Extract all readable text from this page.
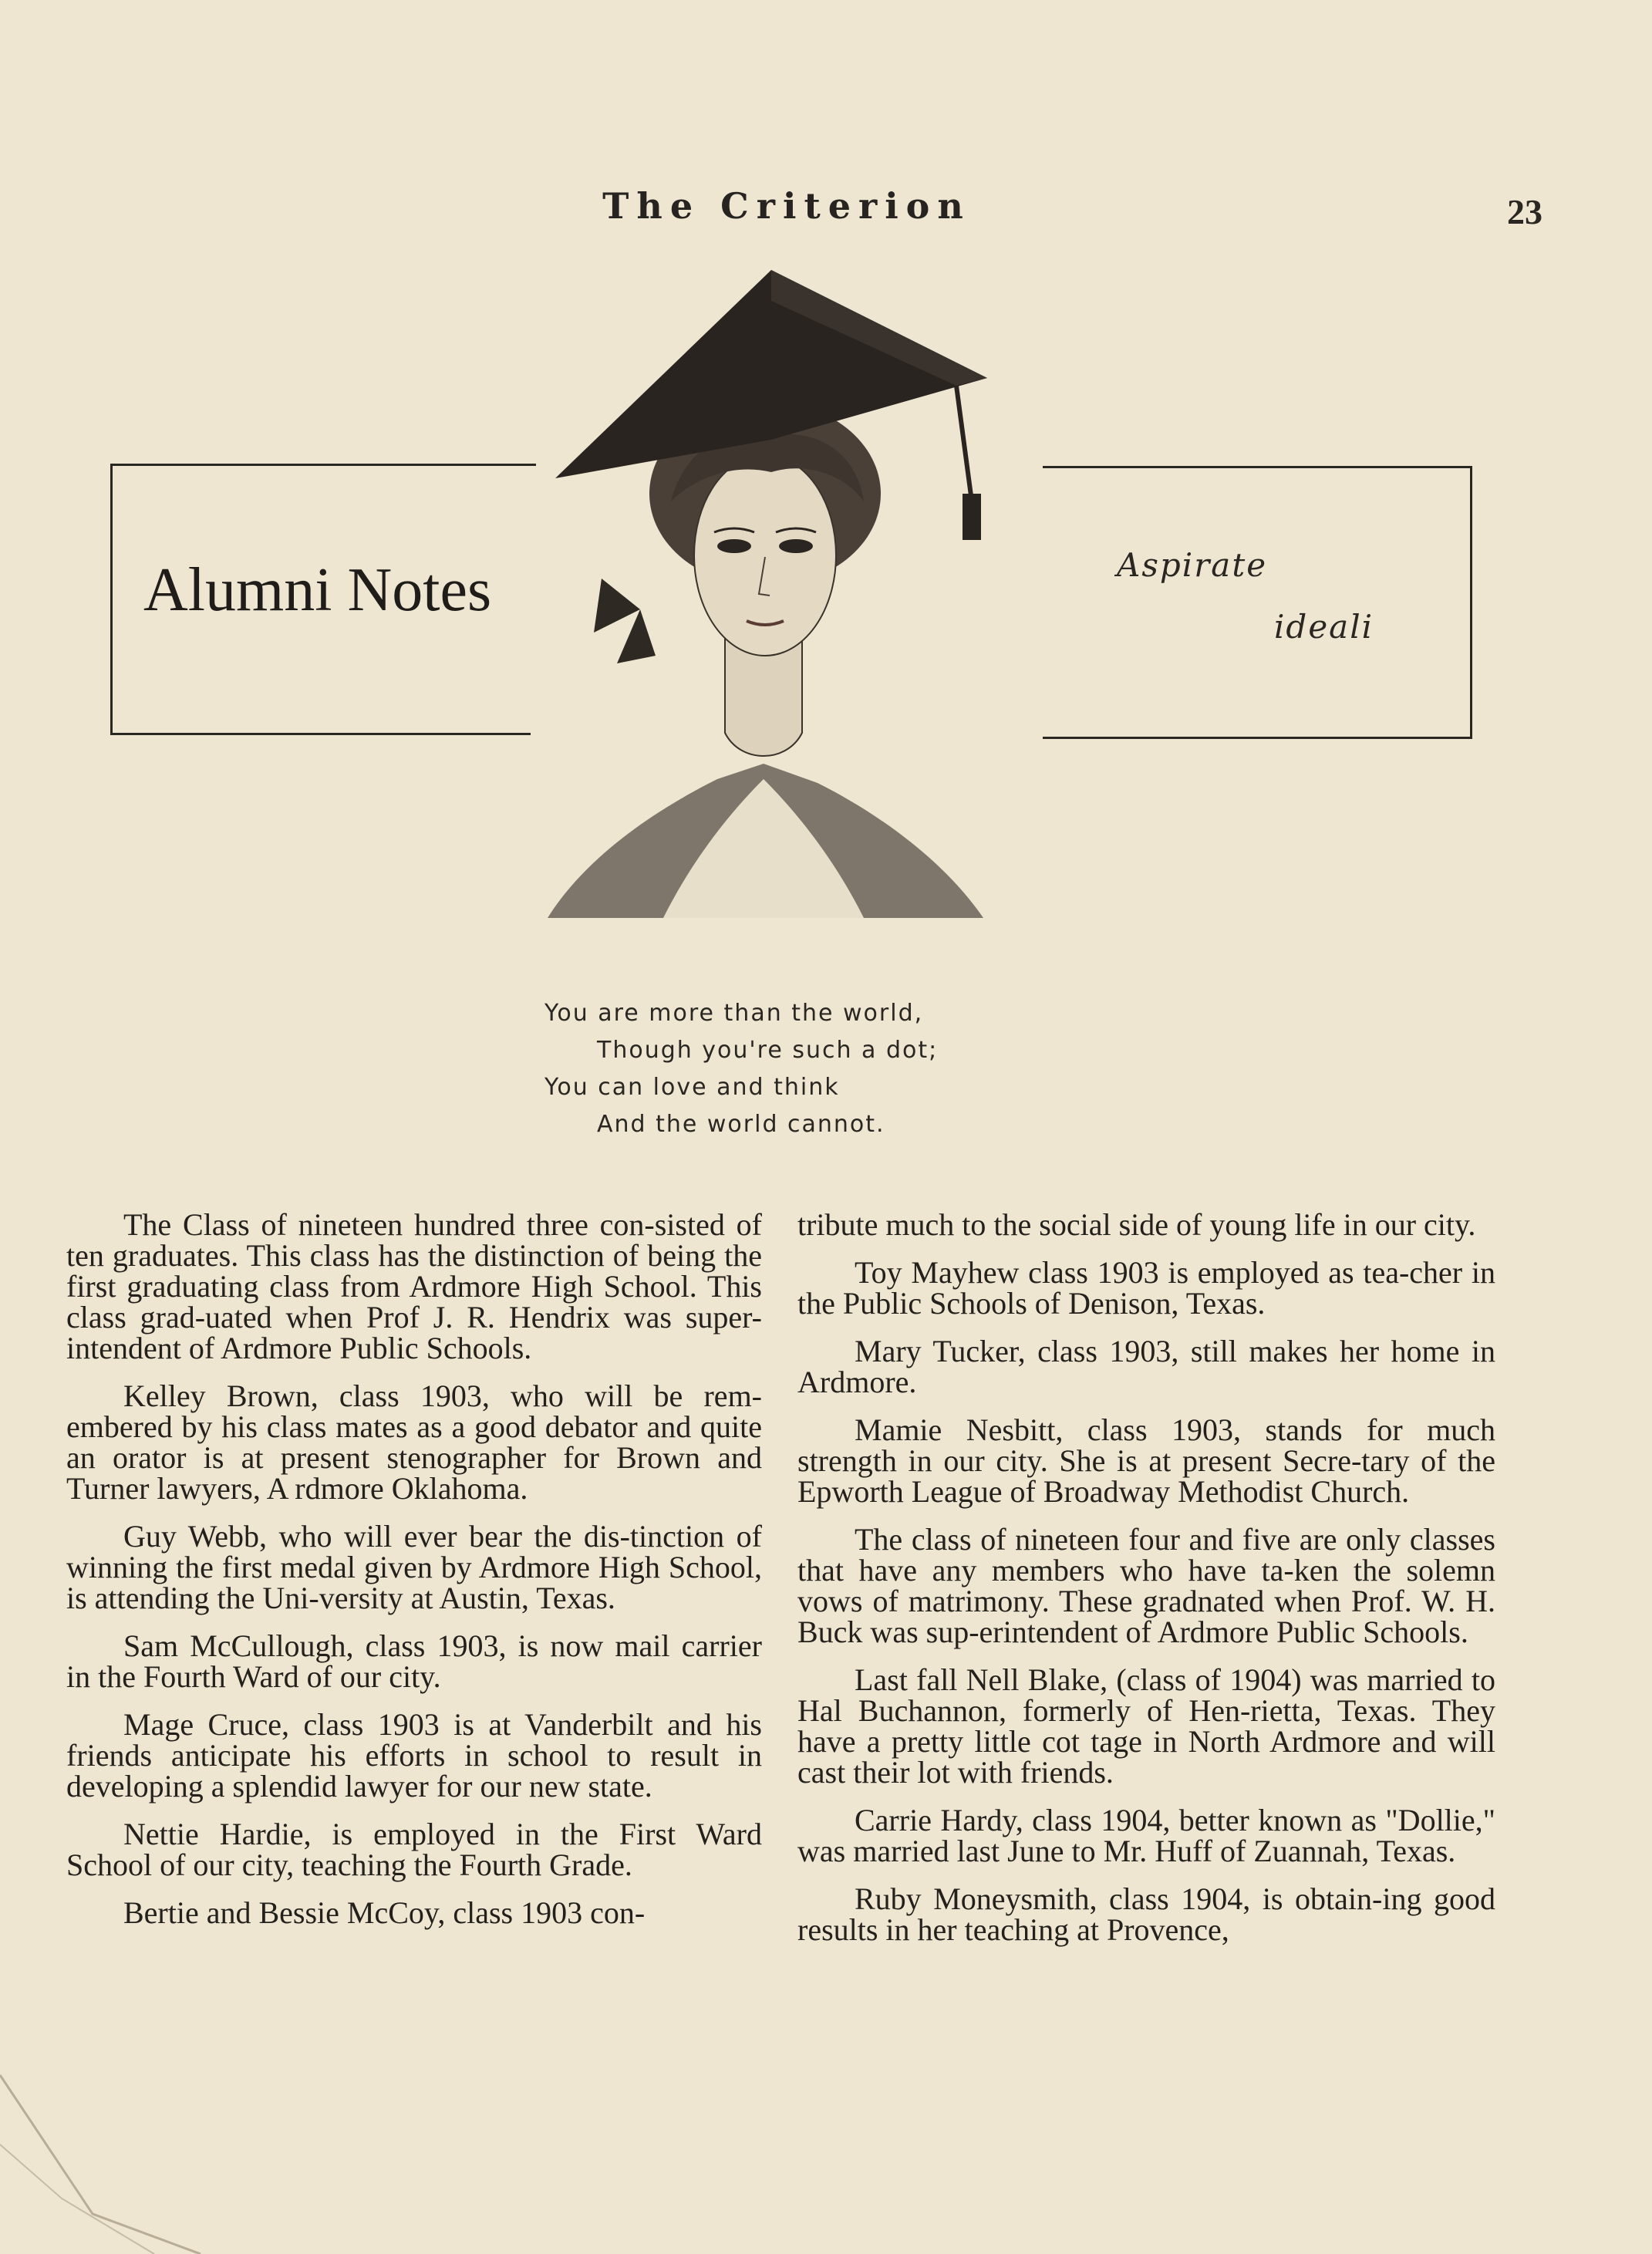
The Criterion	23
Alumni Notes	Aspirate
ideali
You are more than the world,
Though you're such a dot;
You can love and think
And the world cannot.

The Class of nineteen hundred three con-sisted of ten graduates. This class has the distinction of being the first graduating class from Ardmore High School. This class grad-uated when Prof J. R. Hendrix was super-intendent of Ardmore Public Schools.

Kelley Brown, class 1903, who will be rem-embered by his class mates as a good debator and quite an orator is at present stenographer for Brown and Turner lawyers, A rdmore Oklahoma.

Guy Webb, who will ever bear the dis-tinction of winning the first medal given by Ardmore High School, is attending the Uni-versity at Austin, Texas.

Sam McCullough, class 1903, is now mail carrier in the Fourth Ward of our city.

Mage Cruce, class 1903 is at Vanderbilt and his friends anticipate his efforts in school to result in developing a splendid lawyer for our new state.

Nettie Hardie, is employed in the First Ward School of our city, teaching the Fourth Grade.

Bertie and Bessie McCoy, class 1903 con-

tribute much to the social side of young life in our city.

Toy Mayhew class 1903 is employed as tea-cher in the Public Schools of Denison, Texas.

Mary Tucker, class 1903, still makes her home in Ardmore.

Mamie Nesbitt, class 1903, stands for much strength in our city. She is at present Secre-tary of the Epworth League of Broadway Methodist Church.

The class of nineteen four and five are only classes that have any members who have ta-ken the solemn vows of matrimony. These gradnated when Prof. W. H. Buck was sup-erintendent of Ardmore Public Schools.

Last fall Nell Blake, (class of 1904) was married to Hal Buchannon, formerly of Hen-rietta, Texas. They have a pretty little cot tage in North Ardmore and will cast their lot with friends.

Carrie Hardy, class 1904, better known as "Dollie," was married last June to Mr. Huff of Zuannah, Texas.

Ruby Moneysmith, class 1904, is obtain-ing good results in her teaching at Provence,
